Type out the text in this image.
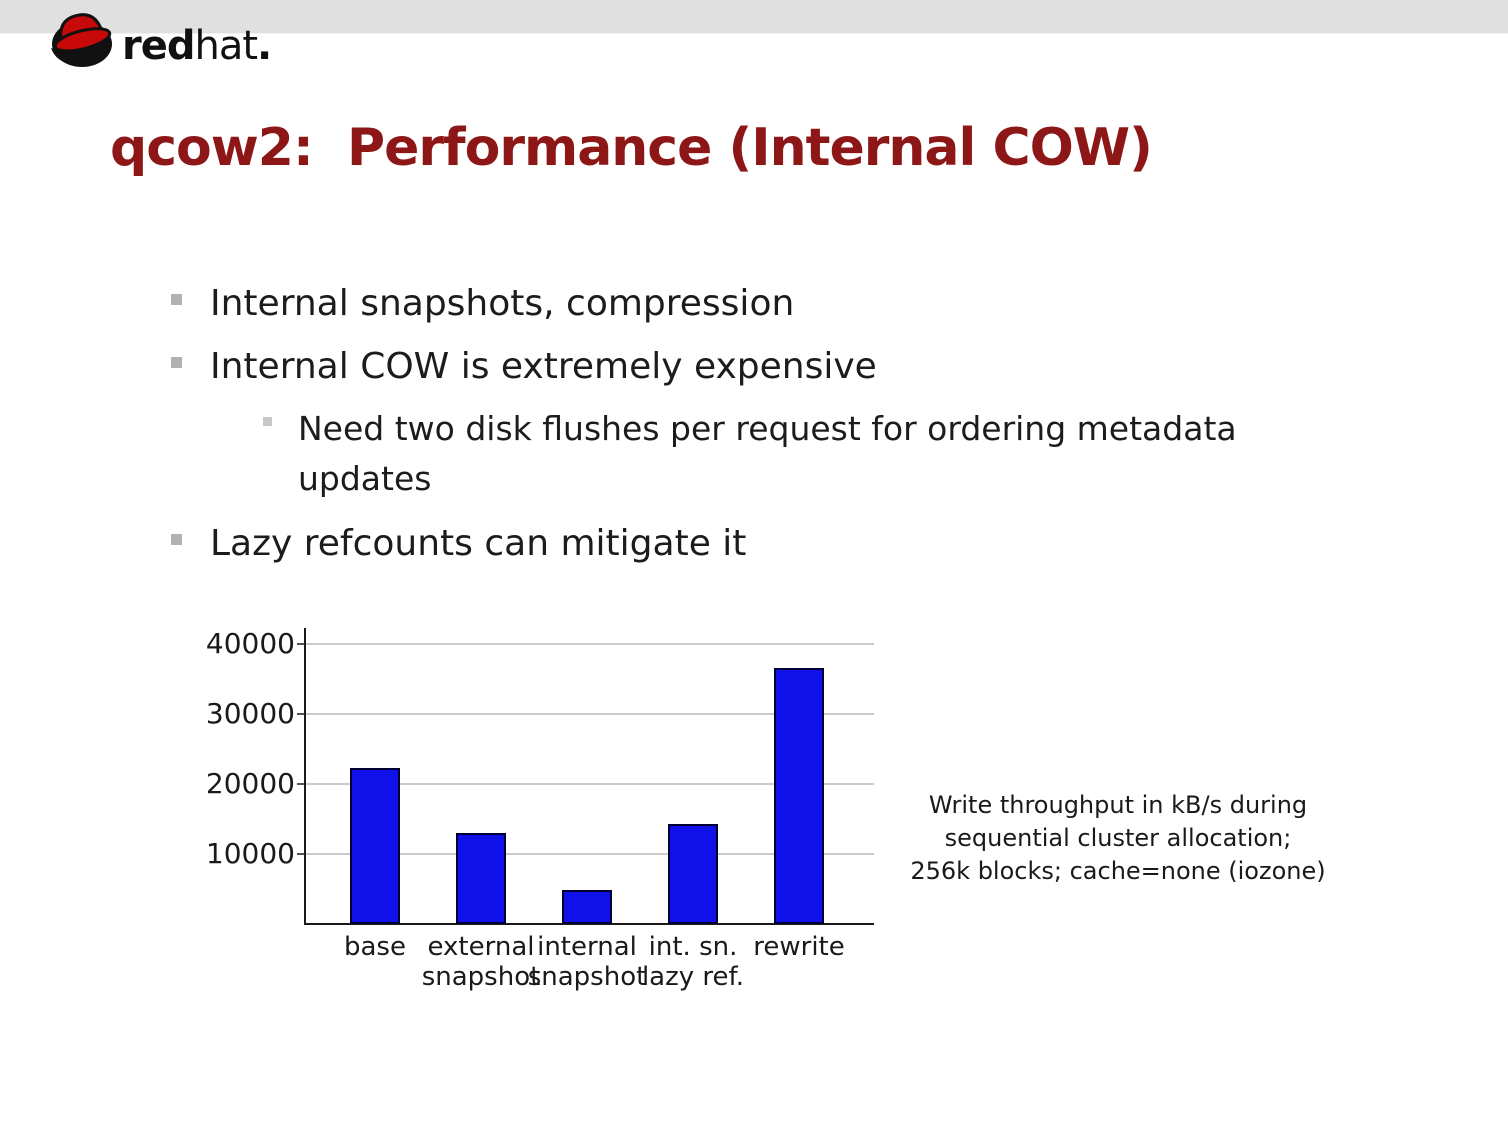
redhat.
qcow2:  Performance (Internal COW)
Internal snapshots, compression
Internal COW is extremely expensive
Need two disk flushes per request for ordering metadata updates
Lazy refcounts can mitigate it
10000
20000
30000
40000
base external
snapshot
internal
snapshot
int. sn.
lazy ref.
rewrite
Write throughput in kB/s during
sequential cluster allocation;
256k blocks; cache=none (iozone)
